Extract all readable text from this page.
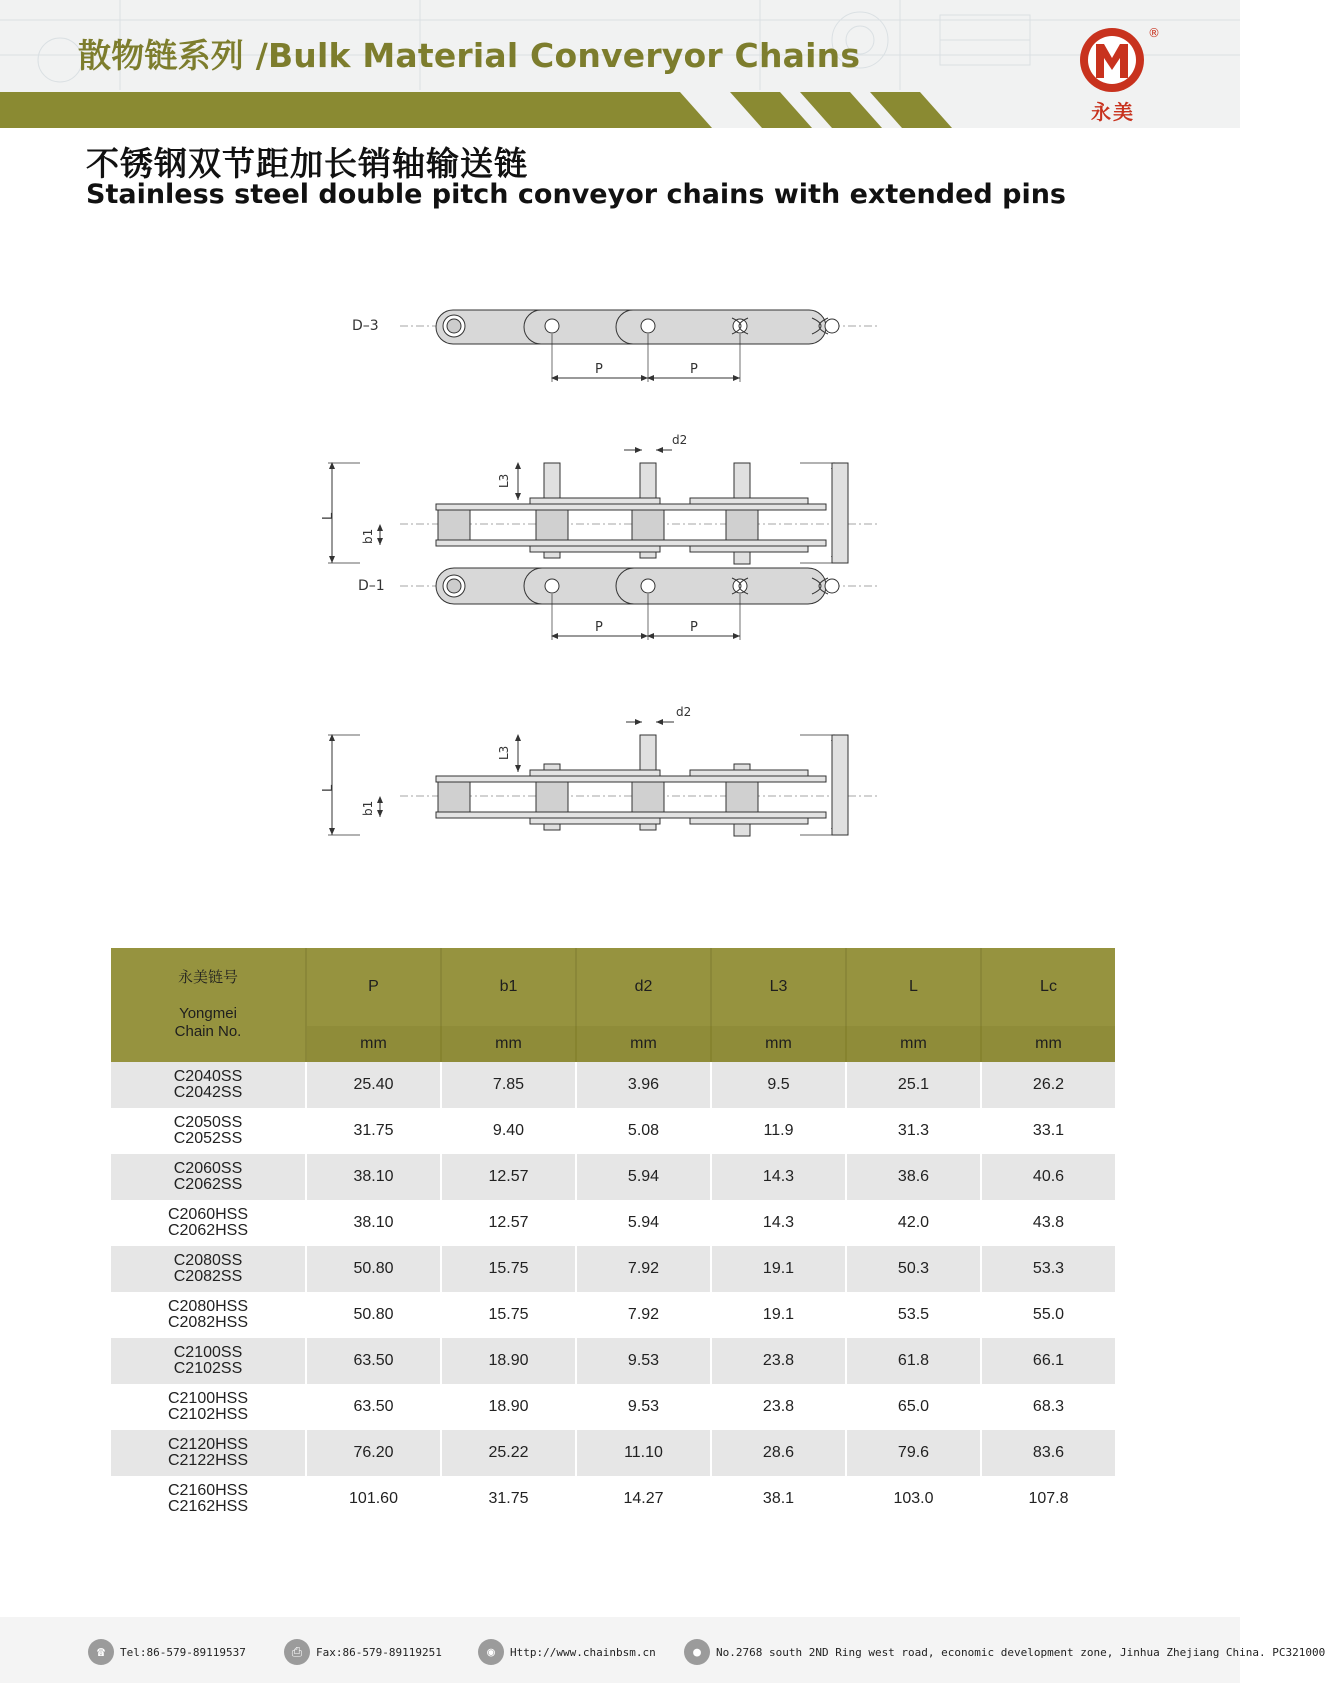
散物链系列 /Bulk Material Converyor Chains
®
永美
不锈钢双节距加长销轴输送链
Stainless steel double pitch conveyor chains with extended pins
D–3
P	P
d2
L
L3
b1
D–1
P	P
d2
L
L3
b1
永美链号
Yongmei
Chain No.	P	b1	d2	L3	L	Lc
	mm	mm	mm	mm	mm	mm

C2040SS
C2042SS	25.40	7.85	3.96	9.5	25.1	26.2

C2050SS
C2052SS	31.75	9.40	5.08	11.9	31.3	33.1

C2060SS
C2062SS	38.10	12.57	5.94	14.3	38.6	40.6

C2060HSS
C2062HSS	38.10	12.57	5.94	14.3	42.0	43.8

C2080SS
C2082SS	50.80	15.75	7.92	19.1	50.3	53.3

C2080HSS
C2082HSS	50.80	15.75	7.92	19.1	53.5	55.0

C2100SS
C2102SS	63.50	18.90	9.53	23.8	61.8	66.1

C2100HSS
C2102HSS	63.50	18.90	9.53	23.8	65.0	68.3

C2120HSS
C2122HSS	76.20	25.22	11.10	28.6	79.6	83.6

C2160HSS
C2162HSS	101.60	31.75	14.27	38.1	103.0	107.8
☎	Tel:86-579-89119537	⎙	Fax:86-579-89119251	◉	Http://www.chainbsm.cn	●	No.2768 south 2ND Ring west road, economic development zone, Jinhua Zhejiang China. PC321000
